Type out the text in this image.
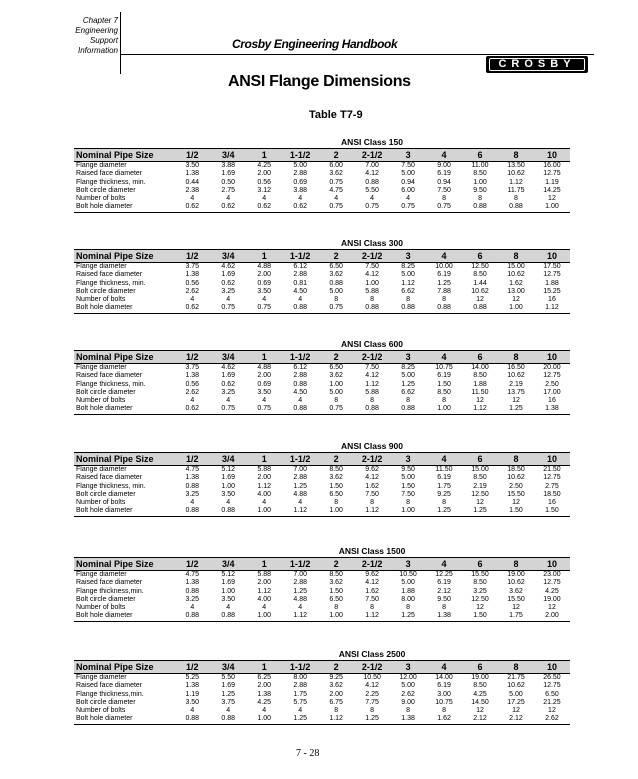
Chapter 7
Engineering
Support
Information	Crosby Engineering Handbook
CROSBY
ANSI Flange Dimensions
Table T7-9
ANSI Class 150
Nominal Pipe Size	1/2	3/4	1	1-1/2	2	2-1/2	3	4	6	8	10
Flange diameter	3.50	3.88	4.25	5.00	6.00	7.00	7.50	9.00	11.00	13.50	16.00
Raised face diameter	1.38	1.69	2.00	2.88	3.62	4.12	5.00	6.19	8.50	10.62	12.75
Flange thickness, min.	0.44	0.50	0.56	0.69	0.75	0.88	0.94	0.94	1.00	1.12	1.19
Bolt circle diameter	2.38	2.75	3.12	3.88	4.75	5.50	6.00	7.50	9.50	11.75	14.25
Number of bolts	4	4	4	4	4	4	4	8	8	8	12
Bolt hole diameter	0.62	0.62	0.62	0.62	0.75	0.75	0.75	0.75	0.88	0.88	1.00
ANSI Class 300
Nominal Pipe Size	1/2	3/4	1	1-1/2	2	2-1/2	3	4	6	8	10
Flange diameter	3.75	4.62	4.88	6.12	6.50	7.50	8.25	10.00	12.50	15.00	17.50
Raised face diameter	1.38	1.69	2.00	2.88	3.62	4.12	5.00	6.19	8.50	10.62	12.75
Flange thickness, min.	0.56	0.62	0.69	0.81	0.88	1.00	1.12	1.25	1.44	1.62	1.88
Bolt circle diameter	2.62	3.25	3.50	4.50	5.00	5.88	6.62	7.88	10.62	13.00	15.25
Number of bolts	4	4	4	4	8	8	8	8	12	12	16
Bolt hole diameter	0.62	0.75	0.75	0.88	0.75	0.88	0.88	0.88	0.88	1.00	1.12
ANSI Class 600
Nominal Pipe Size	1/2	3/4	1	1-1/2	2	2-1/2	3	4	6	8	10
Flange diameter	3.75	4.62	4.88	6.12	6.50	7.50	8.25	10.75	14.00	16.50	20.00
Raised face diameter	1.38	1.69	2.00	2.88	3.62	4.12	5.00	6.19	8.50	10.62	12.75
Flange thickness, min.	0.56	0.62	0.69	0.88	1.00	1.12	1.25	1.50	1.88	2.19	2.50
Bolt circle diameter	2.62	3.25	3.50	4.50	5.00	5.88	6.62	8.50	11.50	13.75	17.00
Number of bolts	4	4	4	4	8	8	8	8	12	12	16
Bolt hole diameter	0.62	0.75	0.75	0.88	0.75	0.88	0.88	1.00	1.12	1.25	1.38
ANSI Class 900
Nominal Pipe Size	1/2	3/4	1	1-1/2	2	2-1/2	3	4	6	8	10
Flange diameter	4.75	5.12	5.88	7.00	8.50	9.62	9.50	11.50	15.00	18.50	21.50
Raised face diameter	1.38	1.69	2.00	2.88	3.62	4.12	5.00	6.19	8.50	10.62	12.75
Flange thickness, min.	0.88	1.00	1.12	1.25	1.50	1.62	1.50	1.75	2.19	2.50	2.75
Bolt circle diameter	3.25	3.50	4.00	4.88	6.50	7.50	7.50	9.25	12.50	15.50	18.50
Number of bolts	4	4	4	4	8	8	8	8	12	12	16
Bolt hole diameter	0.88	0.88	1.00	1.12	1.00	1.12	1.00	1.25	1.25	1.50	1.50
ANSI Class 1500
Nominal Pipe Size	1/2	3/4	1	1-1/2	2	2-1/2	3	4	6	8	10
Flange diameter	4.75	5.12	5.88	7.00	8.50	9.62	10.50	12.25	15.50	19.00	23.00
Raised face diameter	1.38	1.69	2.00	2.88	3.62	4.12	5.00	6.19	8.50	10.62	12.75
Flange thickness,min.	0.88	1.00	1.12	1.25	1.50	1.62	1.88	2.12	3.25	3.62	4.25
Bolt circle diameter	3.25	3.50	4.00	4.88	6.50	7.50	8.00	9.50	12.50	15.50	19.00
Number of bolts	4	4	4	4	8	8	8	8	12	12	12
Bolt hole diameter	0.88	0.88	1.00	1.12	1.00	1.12	1.25	1.38	1.50	1.75	2.00
ANSI Class 2500
Nominal Pipe Size	1/2	3/4	1	1-1/2	2	2-1/2	3	4	6	8	10
Flange diameter	5.25	5.50	6.25	8.00	9.25	10.50	12.00	14.00	19.00	21.75	26.50
Raised face diameter	1.38	1.69	2.00	2.88	3.62	4.12	5.00	6.19	8.50	10.62	12.75
Flange thickness,min.	1.19	1.25	1.38	1.75	2.00	2.25	2.62	3.00	4.25	5.00	6.50
Bolt circle diameter	3.50	3.75	4.25	5.75	6.75	7.75	9.00	10.75	14.50	17.25	21.25
Number of bolts	4	4	4	4	8	8	8	8	12	12	12
Bolt hole diameter	0.88	0.88	1.00	1.25	1.12	1.25	1.38	1.62	2.12	2.12	2.62
7 - 28
